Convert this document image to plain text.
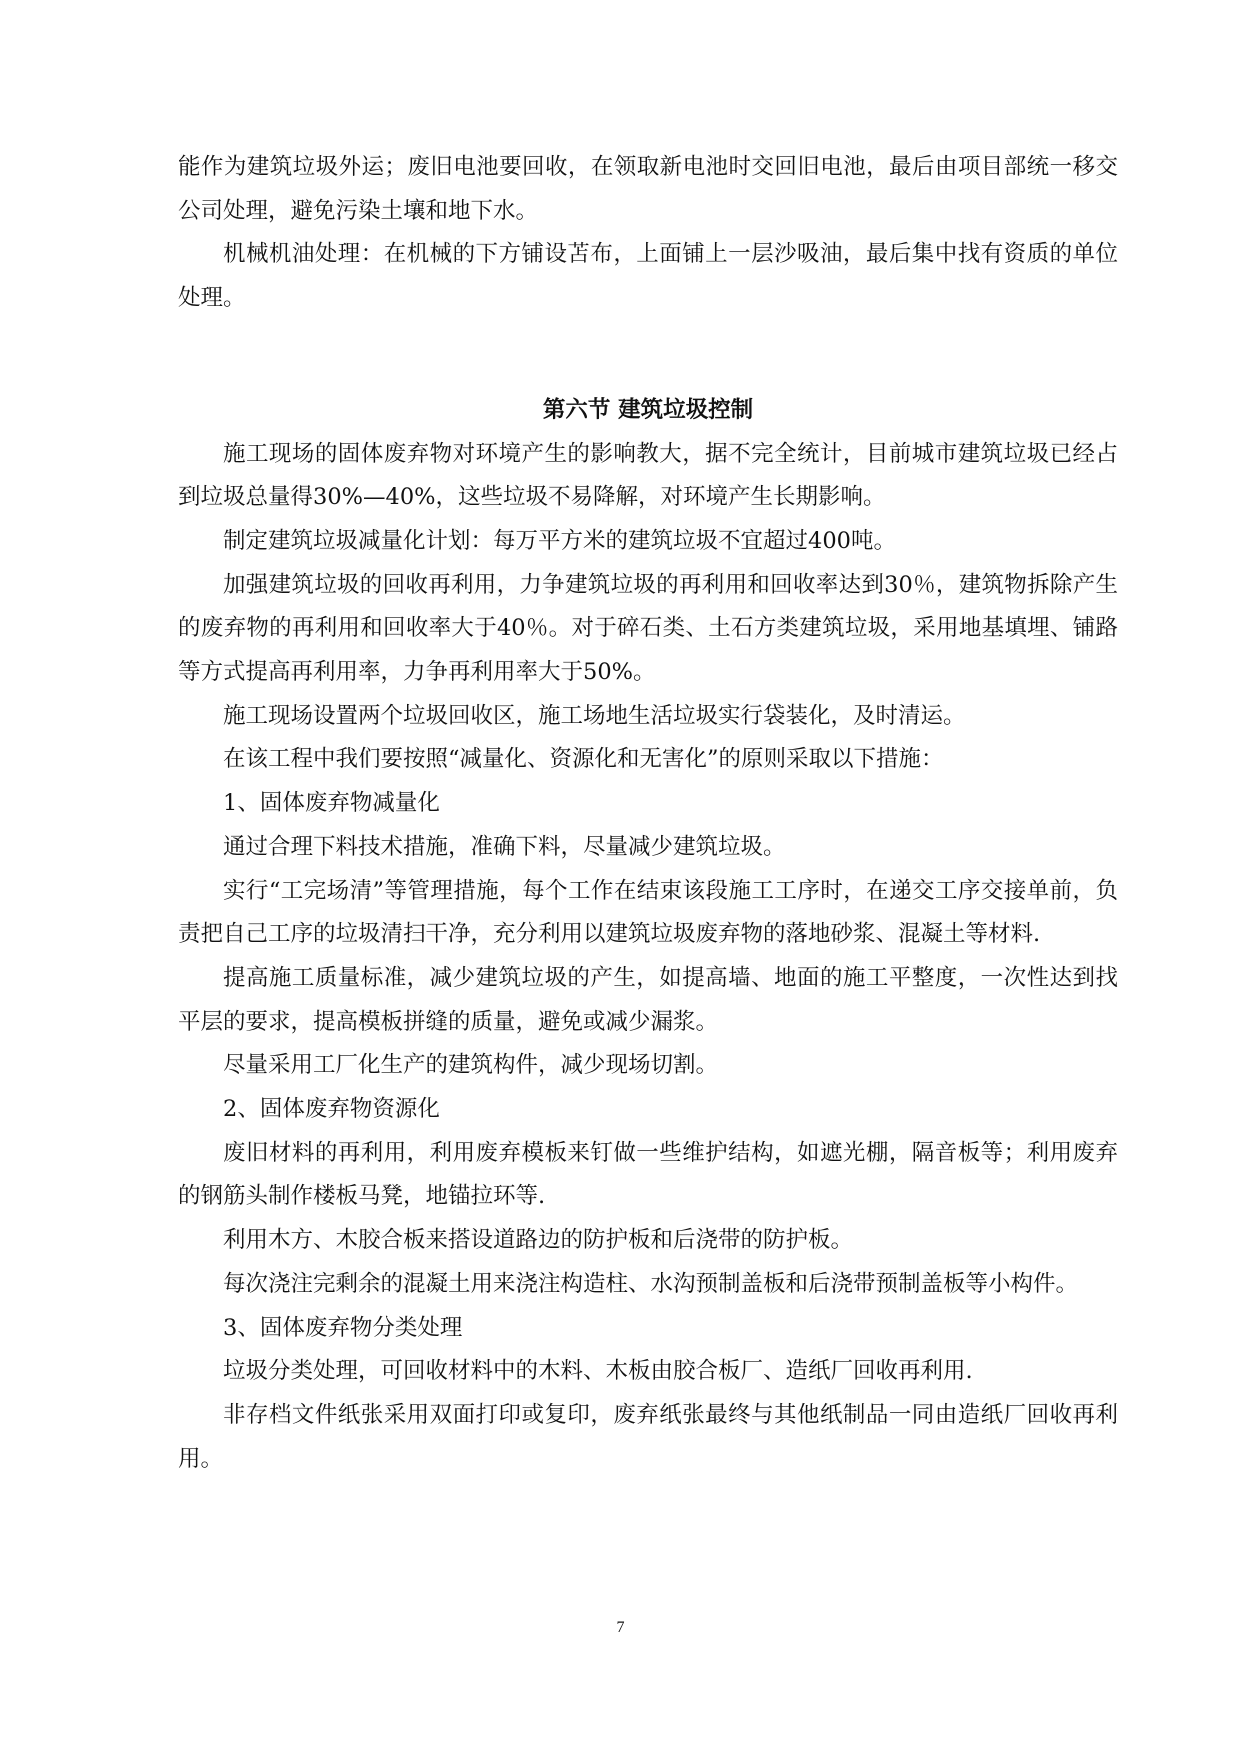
能作为建筑垃圾外运；废旧电池要回收，在领取新电池时交回旧电池，最后由项目部统一移交公司处理，避免污染土壤和地下水。

机械机油处理：在机械的下方铺设苫布，上面铺上一层沙吸油，最后集中找有资质的单位处理。

第六节 建筑垃圾控制

施工现场的固体废弃物对环境产生的影响教大，据不完全统计，目前城市建筑垃圾已经占到垃圾总量得30%—40%，这些垃圾不易降解，对环境产生长期影响。

制定建筑垃圾减量化计划：每万平方米的建筑垃圾不宜超过400吨。

加强建筑垃圾的回收再利用，力争建筑垃圾的再利用和回收率达到30％，建筑物拆除产生的废弃物的再利用和回收率大于40％。对于碎石类、土石方类建筑垃圾，采用地基填埋、铺路等方式提高再利用率，力争再利用率大于50%。

施工现场设置两个垃圾回收区，施工场地生活垃圾实行袋装化，及时清运。

在该工程中我们要按照“减量化、资源化和无害化”的原则采取以下措施：

1、固体废弃物减量化

通过合理下料技术措施，准确下料，尽量减少建筑垃圾。

实行“工完场清”等管理措施，每个工作在结束该段施工工序时，在递交工序交接单前，负责把自己工序的垃圾清扫干净，充分利用以建筑垃圾废弃物的落地砂浆、混凝土等材料.

提高施工质量标准，减少建筑垃圾的产生，如提高墙、地面的施工平整度，一次性达到找平层的要求，提高模板拼缝的质量，避免或减少漏浆。

尽量采用工厂化生产的建筑构件，减少现场切割。

2、固体废弃物资源化

废旧材料的再利用，利用废弃模板来钉做一些维护结构，如遮光棚，隔音板等；利用废弃的钢筋头制作楼板马凳，地锚拉环等.

利用木方、木胶合板来搭设道路边的防护板和后浇带的防护板。

每次浇注完剩余的混凝土用来浇注构造柱、水沟预制盖板和后浇带预制盖板等小构件。

3、固体废弃物分类处理

垃圾分类处理，可回收材料中的木料、木板由胶合板厂、造纸厂回收再利用.

非存档文件纸张采用双面打印或复印，废弃纸张最终与其他纸制品一同由造纸厂回收再利用。

7
